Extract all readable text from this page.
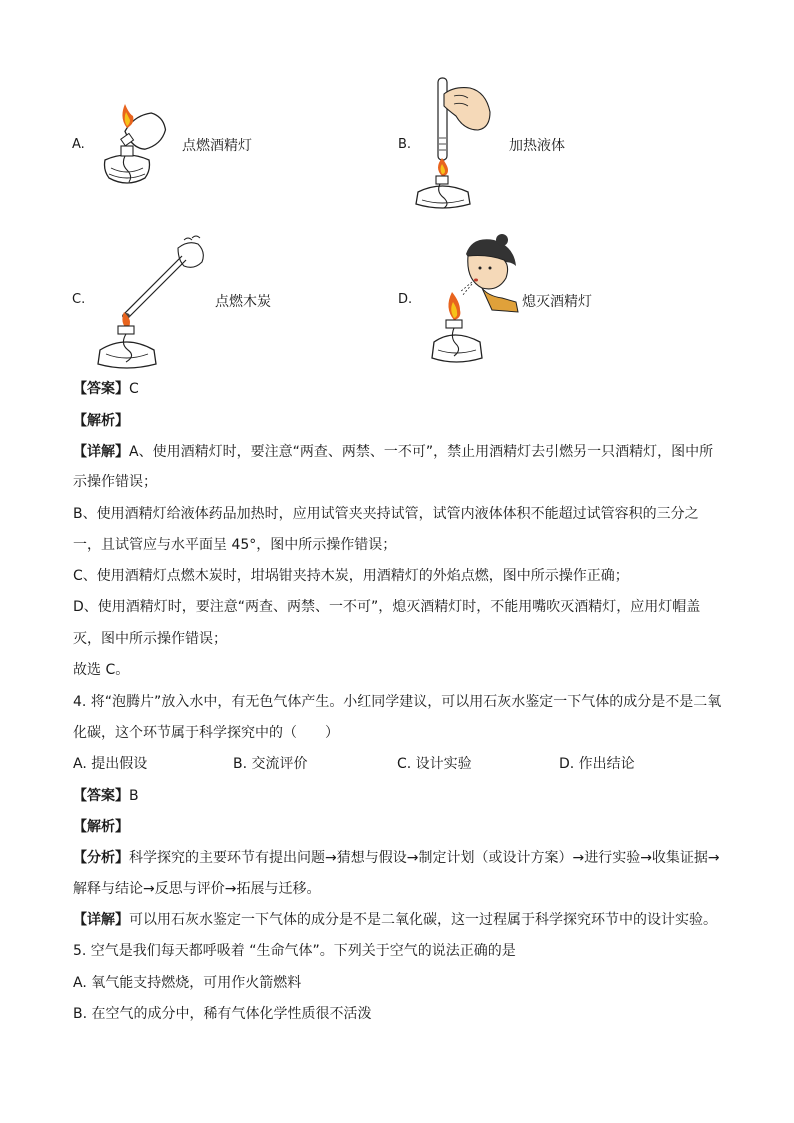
A.	点燃酒精灯	B.	加热液体
C.	点燃木炭	D.	熄灭酒精灯
【答案】C
【解析】
【详解】A、使用酒精灯时，要注意“两查、两禁、一不可”，禁止用酒精灯去引燃另一只酒精灯，图中所
示操作错误；
B、使用酒精灯给液体药品加热时，应用试管夹夹持试管，试管内液体体积不能超过试管容积的三分之
一，且试管应与水平面呈 45°，图中所示操作错误；
C、使用酒精灯点燃木炭时，坩埚钳夹持木炭，用酒精灯的外焰点燃，图中所示操作正确；
D、使用酒精灯时，要注意“两查、两禁、一不可”，熄灭酒精灯时，不能用嘴吹灭酒精灯，应用灯帽盖
灭，图中所示操作错误；
故选 C。
4. 将“泡腾片”放入水中，有无色气体产生。小红同学建议，可以用石灰水鉴定一下气体的成分是不是二氧
化碳，这个环节属于科学探究中的（　　）
A. 提出假设	B. 交流评价	C. 设计实验	D. 作出结论
【答案】B
【解析】
【分析】科学探究的主要环节有提出问题→猜想与假设→制定计划（或设计方案）→进行实验→收集证据→
解释与结论→反思与评价→拓展与迁移。
【详解】可以用石灰水鉴定一下气体的成分是不是二氧化碳，这一过程属于科学探究环节中的设计实验。
5. 空气是我们每天都呼吸着 “生命气体”。下列关于空气的说法正确的是
A. 氧气能支持燃烧，可用作火箭燃料
B. 在空气的成分中，稀有气体化学性质很不活泼
